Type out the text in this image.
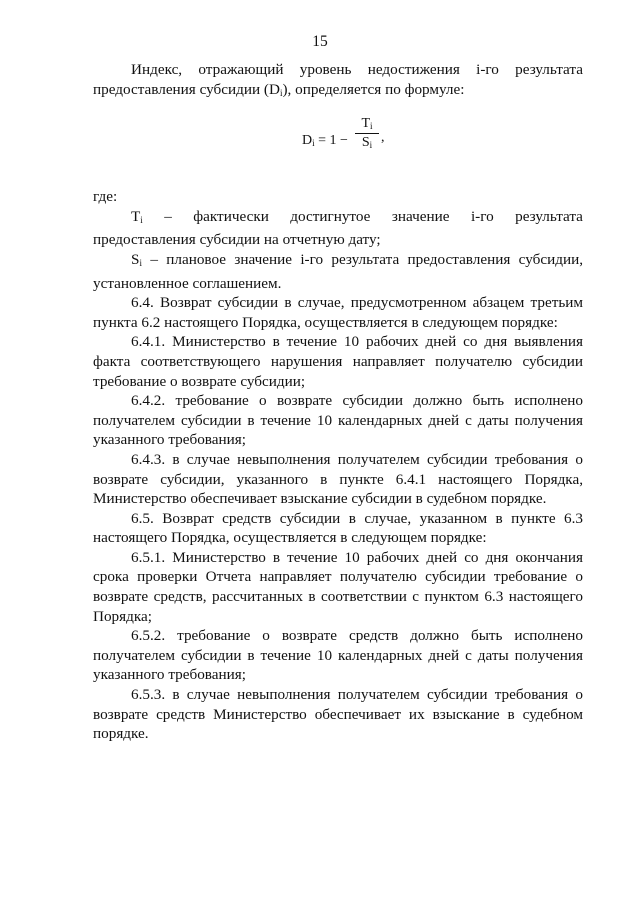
15
Индекс, отражающий уровень недостижения i-го результата
предоставления субсидии $(D_i)$, определяется по формуле:
$D_i = 1$ −
$T_i$
$S_i$ ,
где:
$T_i$ – фактически достигнутое значение i-го результата
предоставления субсидии на отчетную дату;
$S_i$ – плановое значение i-го результата предоставления субсидии, установленное соглашением.
6.4. Возврат субсидии в случае, предусмотренном абзацем третьим пункта 6.2 настоящего Порядка, осуществляется в следующем порядке:
6.4.1. Министерство в течение 10 рабочих дней со дня выявления факта соответствующего нарушения направляет получателю субсидии требование о возврате субсидии;
6.4.2. требование о возврате субсидии должно быть исполнено получателем субсидии в течение 10 календарных дней с даты получения указанного требования;
6.4.3. в случае невыполнения получателем субсидии требования о возврате субсидии, указанного в пункте 6.4.1 настоящего Порядка, Министерство обеспечивает взыскание субсидии в судебном порядке.
6.5. Возврат средств субсидии в случае, указанном в пункте 6.3 настоящего Порядка, осуществляется в следующем порядке:
6.5.1. Министерство в течение 10 рабочих дней со дня окончания срока проверки Отчета направляет получателю субсидии требование о возврате средств, рассчитанных в соответствии с пунктом 6.3 настоящего Порядка;
6.5.2. требование о возврате средств должно быть исполнено получателем субсидии в течение 10 календарных дней с даты получения указанного требования;
6.5.3. в случае невыполнения получателем субсидии требования о возврате средств Министерство обеспечивает их взыскание в судебном порядке.
